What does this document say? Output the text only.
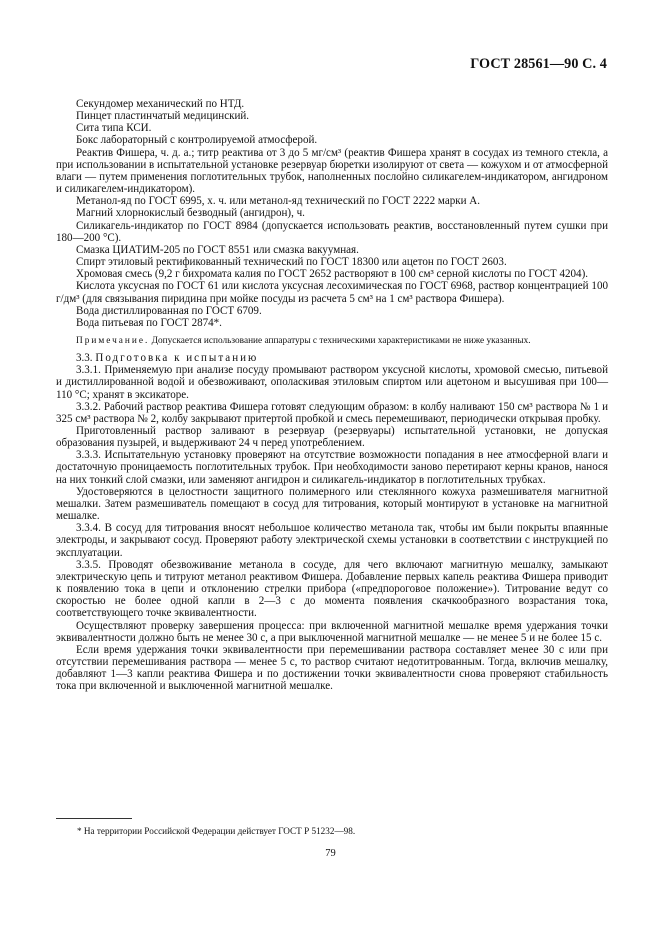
ГОСТ 28561—90 С. 4

Секундомер механический по НТД.

Пинцет пластинчатый медицинский.

Сита типа КСИ.

Бокс лабораторный с контролируемой атмосферой.

Реактив Фишера, ч. д. а.; титр реактива от 3 до 5 мг/см³ (реактив Фишера хранят в сосудах из темного стекла, а при использовании в испытательной установке резервуар бюретки изолируют от света — кожухом и от атмосферной влаги — путем применения поглотительных трубок, наполненных послойно силикагелем-индикатором, ангидроном и силикагелем-индикатором).

Метанол-яд по ГОСТ 6995, х. ч. или метанол-яд технический по ГОСТ 2222 марки А.

Магний хлорнокислый безводный (ангидрон), ч.

Силикагель-индикатор по ГОСТ 8984 (допускается использовать реактив, восстановленный путем сушки при 180—200 °С).

Смазка ЦИАТИМ-205 по ГОСТ 8551 или смазка вакуумная.

Спирт этиловый ректификованный технический по ГОСТ 18300 или ацетон по ГОСТ 2603.

Хромовая смесь (9,2 г бихромата калия по ГОСТ 2652 растворяют в 100 см³ серной кислоты по ГОСТ 4204).

Кислота уксусная по ГОСТ 61 или кислота уксусная лесохимическая по ГОСТ 6968, раствор концентрацией 100 г/дм³ (для связывания пиридина при мойке посуды из расчета 5 см³ на 1 см³ раствора Фишера).

Вода дистиллированная по ГОСТ 6709.

Вода питьевая по ГОСТ 2874*.

Примечание. Допускается использование аппаратуры с техническими характеристиками не ниже указанных.

3.3. Подготовка к испытанию

3.3.1. Применяемую при анализе посуду промывают раствором уксусной кислоты, хромовой смесью, питьевой и дистиллированной водой и обезвоживают, ополаскивая этиловым спиртом или ацетоном и высушивая при 100—110 °С; хранят в эксикаторе.

3.3.2. Рабочий раствор реактива Фишера готовят следующим образом: в колбу наливают 150 см³ раствора № 1 и 325 см³ раствора № 2, колбу закрывают притертой пробкой и смесь перемешивают, периодически открывая пробку.

Приготовленный раствор заливают в резервуар (резервуары) испытательной установки, не допуская образования пузырей, и выдерживают 24 ч перед употреблением.

3.3.3. Испытательную установку проверяют на отсутствие возможности попадания в нее атмосферной влаги и достаточную проницаемость поглотительных трубок. При необходимости заново перетирают керны кранов, нанося на них тонкий слой смазки, или заменяют ангидрон и силикагель-индикатор в поглотительных трубках.

Удостоверяются в целостности защитного полимерного или стеклянного кожуха размешивателя магнитной мешалки. Затем размешиватель помещают в сосуд для титрования, который монтируют в установке на магнитной мешалке.

3.3.4. В сосуд для титрования вносят небольшое количество метанола так, чтобы им были покрыты впаянные электроды, и закрывают сосуд. Проверяют работу электрической схемы установки в соответствии с инструкцией по эксплуатации.

3.3.5. Проводят обезвоживание метанола в сосуде, для чего включают магнитную мешалку, замыкают электрическую цепь и титруют метанол реактивом Фишера. Добавление первых капель реактива Фишера приводит к появлению тока в цепи и отклонению стрелки прибора («предпороговое положение»). Титрование ведут со скоростью не более одной капли в 2—3 с до момента появления скачкообразного возрастания тока, соответствующего точке эквивалентности.

Осуществляют проверку завершения процесса: при включенной магнитной мешалке время удержания точки эквивалентности должно быть не менее 30 с, а при выключенной магнитной мешалке — не менее 5 и не более 15 с.

Если время удержания точки эквивалентности при перемешивании раствора составляет менее 30 с или при отсутствии перемешивания раствора — менее 5 с, то раствор считают недотитрованным. Тогда, включив мешалку, добавляют 1—3 капли реактива Фишера и по достижении точки эквивалентности снова проверяют стабильность тока при включенной и выключенной магнитной мешалке.

* На территории Российской Федерации действует ГОСТ Р 51232—98.
79
